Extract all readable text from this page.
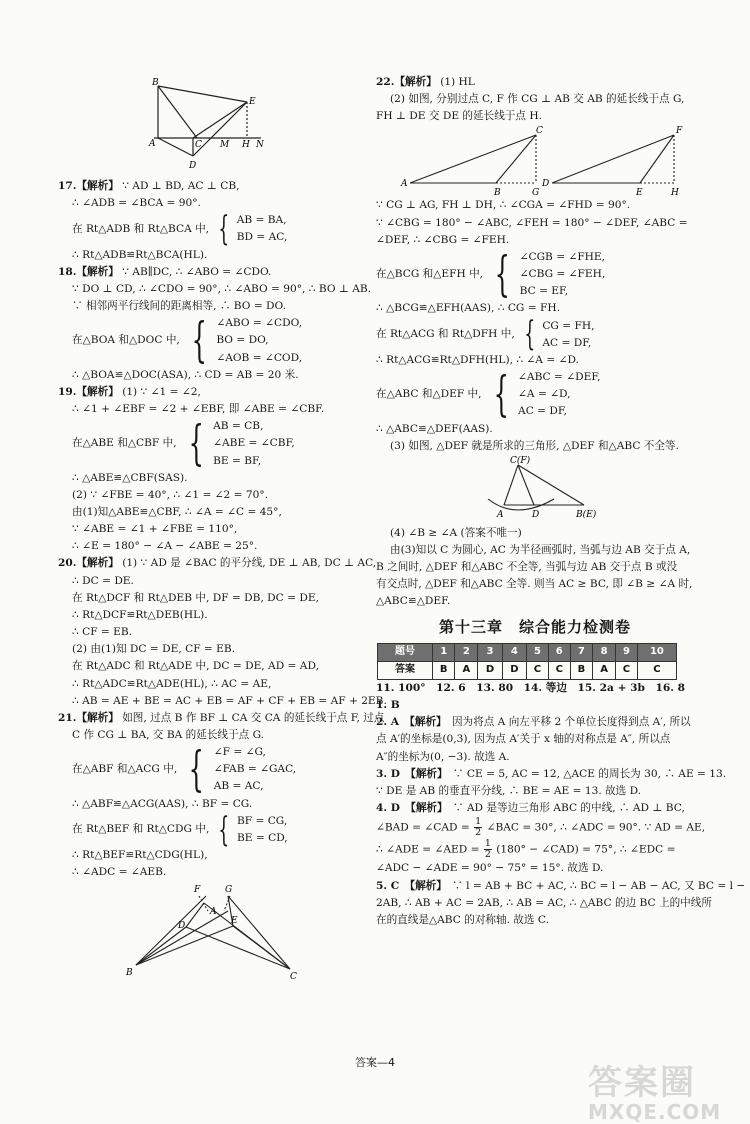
B
E
A	C M H N
D

17.【解析】 ∵ AD ⊥ BD, AC ⊥ CB,

∴ ∠ADB = ∠BCA = 90°.

在 Rt△ADB 和 Rt△BCA 中, { AB = BA,
BD = AC,

∴ Rt△ADB≌Rt△BCA(HL).

18.【解析】 ∵ AB∥DC, ∴ ∠ABO = ∠CDO.

∵ DO ⊥ CD, ∴ ∠CDO = 90°, ∴ ∠ABO = 90°, ∴ BO ⊥ AB.

∵ 相邻两平行线间的距离相等, ∴ BO = DO.

在△BOA 和△DOC 中, { ∠ABO = ∠CDO,
BO = DO,
∠AOB = ∠COD,

∴ △BOA≌△DOC(ASA), ∴ CD = AB = 20 米.

19.【解析】 (1) ∵ ∠1 = ∠2,

∴ ∠1 + ∠EBF = ∠2 + ∠EBF, 即 ∠ABE = ∠CBF.

在△ABE 和△CBF 中, { AB = CB,
∠ABE = ∠CBF,
BE = BF,

∴ △ABE≌△CBF(SAS).

(2) ∵ ∠FBE = 40°, ∴ ∠1 = ∠2 = 70°.

由(1)知△ABE≌△CBF, ∴ ∠A = ∠C = 45°,

∵ ∠ABE = ∠1 + ∠FBE = 110°,

∴ ∠E = 180° − ∠A − ∠ABE = 25°.

20.【解析】 (1) ∵ AD 是 ∠BAC 的平分线, DE ⊥ AB, DC ⊥ AC,

∴ DC = DE.

在 Rt△DCF 和 Rt△DEB 中, DF = DB, DC = DE,

∴ Rt△DCF≌Rt△DEB(HL).

∴ CF = EB.

(2) 由(1)知 DC = DE, CF = EB.

在 Rt△ADC 和 Rt△ADE 中, DC = DE, AD = AD,

∴ Rt△ADC≌Rt△ADE(HL), ∴ AC = AE,

∴ AB = AE + BE = AC + EB = AF + CF + EB = AF + 2EB.

21.【解析】 如图, 过点 B 作 BF ⊥ CA 交 CA 的延长线于点 F, 过点

C 作 CG ⊥ BA, 交 BA 的延长线于点 G.

在△ABF 和△ACG 中, { ∠F = ∠G,
∠FAB = ∠GAC,
AB = AC,

∴ △ABF≌△ACG(AAS), ∴ BF = CG.

在 Rt△BEF 和 Rt△CDG 中, { BF = CG,
BE = CD,

∴ Rt△BEF≌Rt△CDG(HL),

∴ ∠ADC = ∠AEB.

F	G
A
D	E
B	C

22.【解析】 (1) HL

(2) 如图, 分别过点 C, F 作 CG ⊥ AB 交 AB 的延长线于点 G,

FH ⊥ DE 交 DE 的延长线于点 H.

C	F
A
B	G
D
E	H

∵ CG ⊥ AG, FH ⊥ DH, ∴ ∠CGA = ∠FHD = 90°.

∵ ∠CBG = 180° − ∠ABC, ∠FEH = 180° − ∠DEF, ∠ABC =

∠DEF, ∴ ∠CBG = ∠FEH.

在△BCG 和△EFH 中, { ∠CGB = ∠FHE,
∠CBG = ∠FEH,
BC = EF,

∴ △BCG≌△EFH(AAS), ∴ CG = FH.

在 Rt△ACG 和 Rt△DFH 中, { CG = FH,
AC = DF,

∴ Rt△ACG≌Rt△DFH(HL), ∴ ∠A = ∠D.

在△ABC 和△DEF 中, { ∠ABC = ∠DEF,
∠A = ∠D,
AC = DF,

∴ △ABC≌△DEF(AAS).

(3) 如图, △DEF 就是所求的三角形, △DEF 和△ABC 不全等.

C(F)
A	D	B(E)

(4) ∠B ≥ ∠A (答案不唯一)

由(3)知以 C 为圆心, AC 为半径画弧时, 当弧与边 AB 交于点 A,

B 之间时, △DEF 和△ABC 不全等, 当弧与边 AB 交于点 B 或没

有交点时, △DEF 和△ABC 全等. 则当 AC ≥ BC, 即 ∠B ≥ ∠A 时,

△ABC≌△DEF.

第十三章　综合能力检测卷
题号	1	2	3	4	5	6	7	8	9	10
答案	B	A	D	D	C	C	B	A	C	C

11. 100°　12. 6　13. 80　14. 等边　15. 2a + 3b　16. 8

1. B

2. A　 【解析】　 因为将点 A 向左平移 2 个单位长度得到点 A′, 所以

点 A′的坐标是(0,3), 因为点 A′关于 x 轴的对称点是 A″, 所以点

A″的坐标为(0, −3). 故选 A.

3. D　 【解析】　 ∵ CE = 5, AC = 12, △ACE 的周长为 30, ∴ AE = 13.

∵ DE 是 AB 的垂直平分线, ∴ BE = AE = 13. 故选 D.

4. D　 【解析】　 ∵ AD 是等边三角形 ABC 的中线, ∴ AD ⊥ BC,

∠BAD = ∠CAD = $\frac{1}{2}$ ∠BAC = 30°, ∴ ∠ADC = 90°. ∵ AD = AE,

∴ ∠ADE = ∠AED = $\frac{1}{2} (180^\circ$ − ∠CAD) = 75°, ∴ ∠EDC =

∠ADC − ∠ADE = 90° − 75° = 15°. 故选 D.

5. C　 【解析】　 ∵ l = AB + BC + AC, ∴ BC = l − AB − AC, 又 BC = l −

2AB, ∴ AB + AC = 2AB, ∴ AB = AC, ∴ △ABC 的边 BC 上的中线所

在的直线是△ABC 的对称轴. 故选 C.

答案—4
答案圈
MXQE.COM
